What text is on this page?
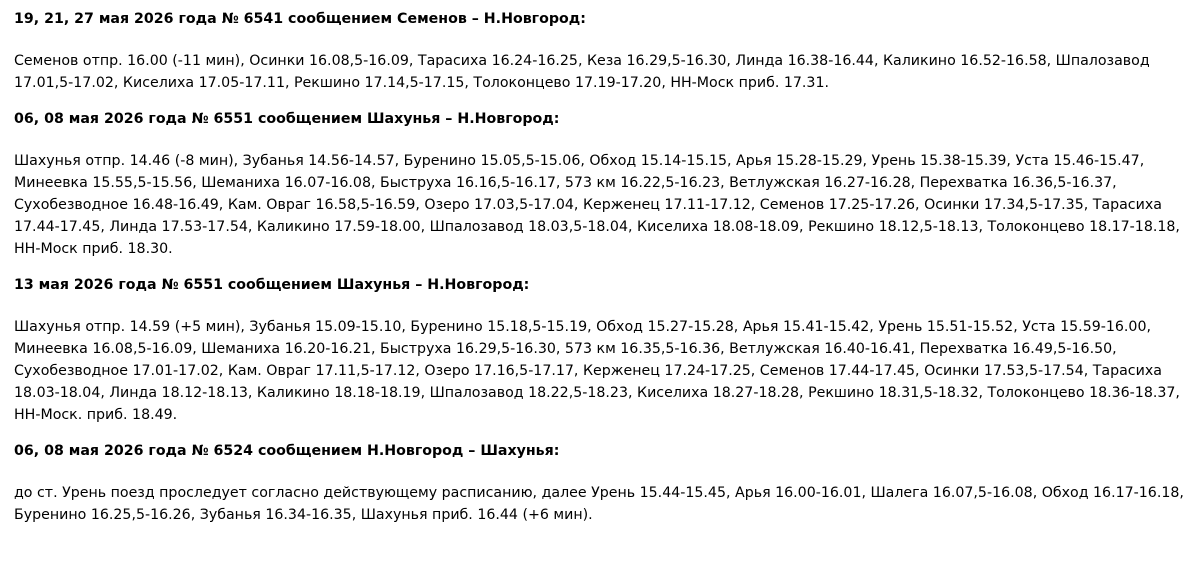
19, 21, 27 мая 2026 года № 6541 сообщением Семенов – Н.Новгород:
Семенов отпр. 16.00 (-11 мин), Осинки 16.08,5-16.09, Тарасиха 16.24-16.25, Кеза 16.29,5-16.30, Линда 16.38-16.44, Каликино 16.52-16.58, Шпалозавод 17.01,5-17.02, Киселиха 17.05-17.11, Рекшино 17.14,5-17.15, Толоконцево 17.19-17.20, НН-Моск приб. 17.31.
06, 08 мая 2026 года № 6551 сообщением Шахунья – Н.Новгород:
Шахунья отпр. 14.46 (-8 мин), Зубанья 14.56-14.57, Буренино 15.05,5-15.06, Обход 15.14-15.15, Арья 15.28-15.29, Урень 15.38-15.39, Уста 15.46-15.47, Минеевка 15.55,5-15.56, Шеманиха 16.07-16.08, Быструха 16.16,5-16.17, 573 км 16.22,5-16.23, Ветлужская 16.27-16.28, Перехватка 16.36,5-16.37, Сухобезводное 16.48-16.49, Кам. Овраг 16.58,5-16.59, Озеро 17.03,5-17.04, Керженец 17.11-17.12, Семенов 17.25-17.26, Осинки 17.34,5-17.35, Тарасиха 17.44-17.45, Линда 17.53-17.54, Каликино 17.59-18.00, Шпалозавод 18.03,5-18.04, Киселиха 18.08-18.09, Рекшино 18.12,5-18.13, Толоконцево 18.17-18.18, НН-Моск приб. 18.30.
13 мая 2026 года № 6551 сообщением Шахунья – Н.Новгород:
Шахунья отпр. 14.59 (+5 мин), Зубанья 15.09-15.10, Буренино 15.18,5-15.19, Обход 15.27-15.28, Арья 15.41-15.42, Урень 15.51-15.52, Уста 15.59-16.00, Минеевка 16.08,5-16.09, Шеманиха 16.20-16.21, Быструха 16.29,5-16.30, 573 км 16.35,5-16.36, Ветлужская 16.40-16.41, Перехватка 16.49,5-16.50, Сухобезводное 17.01-17.02, Кам. Овраг 17.11,5-17.12, Озеро 17.16,5-17.17, Керженец 17.24-17.25, Семенов 17.44-17.45, Осинки 17.53,5-17.54, Тарасиха 18.03-18.04, Линда 18.12-18.13, Каликино 18.18-18.19, Шпалозавод 18.22,5-18.23, Киселиха 18.27-18.28, Рекшино 18.31,5-18.32, Толоконцево 18.36-18.37, НН-Моск. приб. 18.49.
06, 08 мая 2026 года № 6524 сообщением Н.Новгород – Шахунья:
до ст. Урень поезд проследует согласно действующему расписанию, далее Урень 15.44-15.45, Арья 16.00-16.01, Шалега 16.07,5-16.08, Обход 16.17-16.18, Буренино 16.25,5-16.26, Зубанья 16.34-16.35, Шахунья приб. 16.44 (+6 мин).
